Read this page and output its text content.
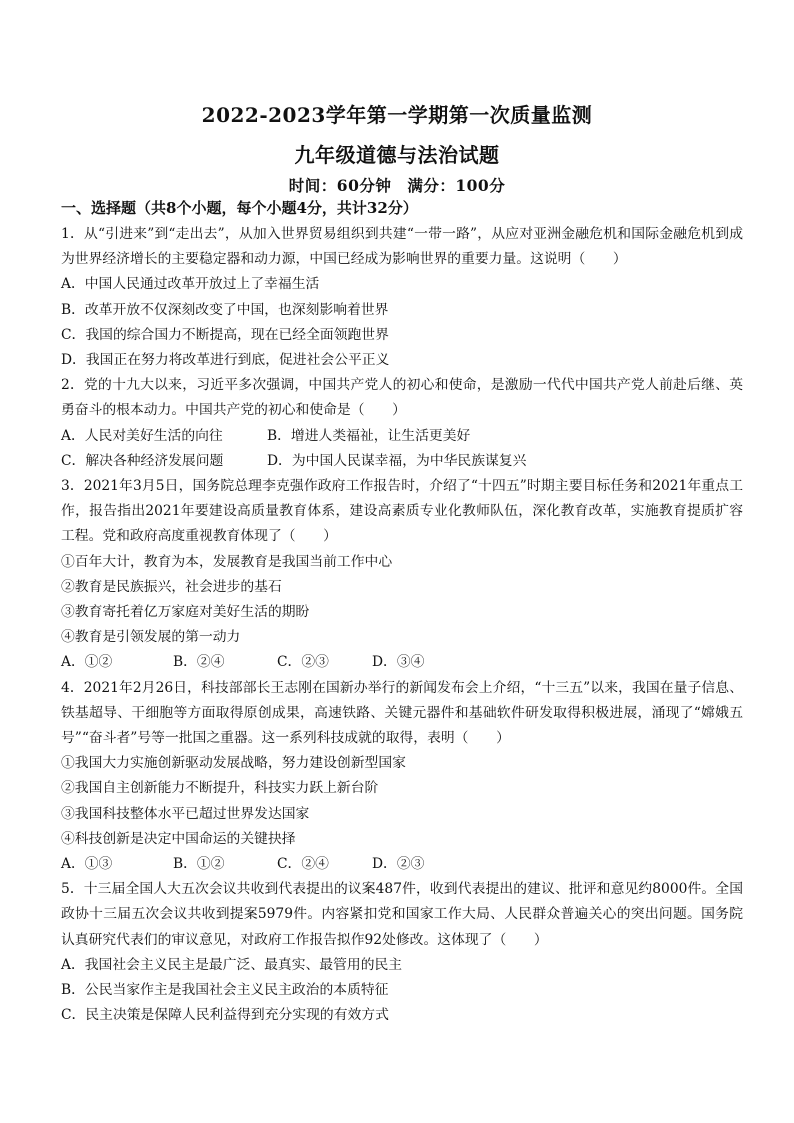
2022-2023学年第一学期第一次质量监测
九年级道德与法治试题
时间：60分钟　满分：100分
一、选择题（共8个小题，每个小题4分，共计32分）
1．从“引进来”到“走出去”，从加入世界贸易组织到共建“一带一路”，从应对亚洲金融危机和国际金融危机到成为世界经济增长的主要稳定器和动力源，中国已经成为影响世界的重要力量。这说明（　　）
A．中国人民通过改革开放过上了幸福生活
B．改革开放不仅深刻改变了中国，也深刻影响着世界
C．我国的综合国力不断提高，现在已经全面领跑世界
D．我国正在努力将改革进行到底，促进社会公平正义
2．党的十九大以来，习近平多次强调，中国共产党人的初心和使命，是激励一代代中国共产党人前赴后继、英勇奋斗的根本动力。中国共产党的初心和使命是（　　）
A．人民对美好生活的向往	B．增进人类福祉，让生活更美好
C．解决各种经济发展问题	D．为中国人民谋幸福，为中华民族谋复兴
3．2021年3月5日，国务院总理李克强作政府工作报告时，介绍了“十四五”时期主要目标任务和2021年重点工作，报告指出2021年要建设高质量教育体系，建设高素质专业化教师队伍，深化教育改革，实施教育提质扩容工程。党和政府高度重视教育体现了（　　）
①百年大计，教育为本，发展教育是我国当前工作中心
②教育是民族振兴，社会进步的基石
③教育寄托着亿万家庭对美好生活的期盼
④教育是引领发展的第一动力
A．①②	B．②④	C．②③	D．③④
4．2021年2月26日，科技部部长王志刚在国新办举行的新闻发布会上介绍，“十三五”以来，我国在量子信息、铁基超导、干细胞等方面取得原创成果，高速铁路、关键元器件和基础软件研发取得积极进展，涌现了“嫦娥五号”“奋斗者”号等一批国之重器。这一系列科技成就的取得，表明（　　）
①我国大力实施创新驱动发展战略，努力建设创新型国家
②我国自主创新能力不断提升，科技实力跃上新台阶
③我国科技整体水平已超过世界发达国家
④科技创新是决定中国命运的关键抉择
A．①③	B．①②	C．②④	D．②③
5．十三届全国人大五次会议共收到代表提出的议案487件，收到代表提出的建议、批评和意见约8000件。全国政协十三届五次会议共收到提案5979件。内容紧扣党和国家工作大局、人民群众普遍关心的突出问题。国务院认真研究代表们的审议意见，对政府工作报告拟作92处修改。这体现了（　　）
A．我国社会主义民主是最广泛、最真实、最管用的民主
B．公民当家作主是我国社会主义民主政治的本质特征
C．民主决策是保障人民利益得到充分实现的有效方式
